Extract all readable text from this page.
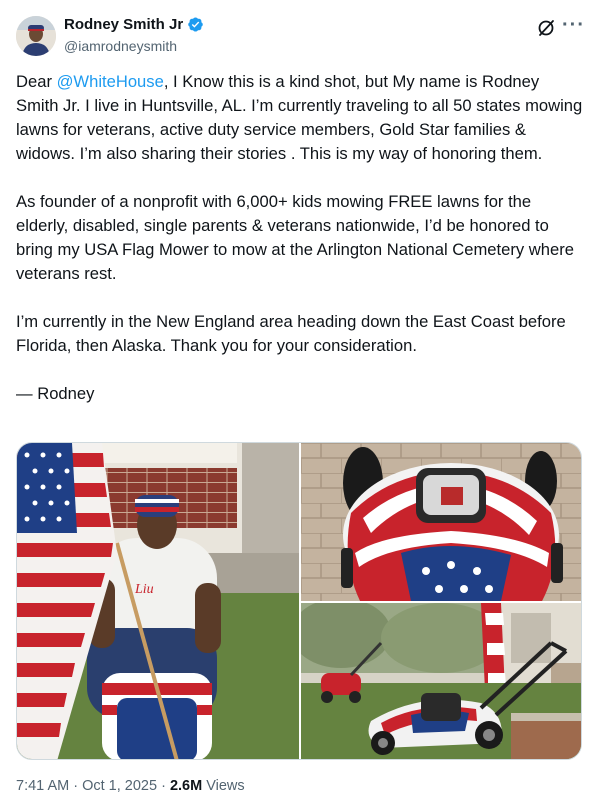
Rodney Smith Jr
@iamrodneysmith
···

Dear @WhiteHouse, I Know this is a kind shot, but My name is Rodney Smith Jr. I live in Huntsville, AL. I’m currently traveling to all 50 states mowing lawns for veterans, active duty service members, Gold Star families & widows. I’m also sharing their stories . This is my way of honoring them.

As founder of a nonprofit with 6,000+ kids mowing FREE lawns for the elderly, disabled, single parents & veterans nationwide, I’d be honored to bring my USA Flag Mower to mow at the Arlington National Cemetery where veterans rest.

I’m currently in the New England area heading down the East Coast before Florida, then Alaska. Thank you for your consideration.

— Rodney

Liu
7:41 AM · Oct 1, 2025 · 2.6M Views
